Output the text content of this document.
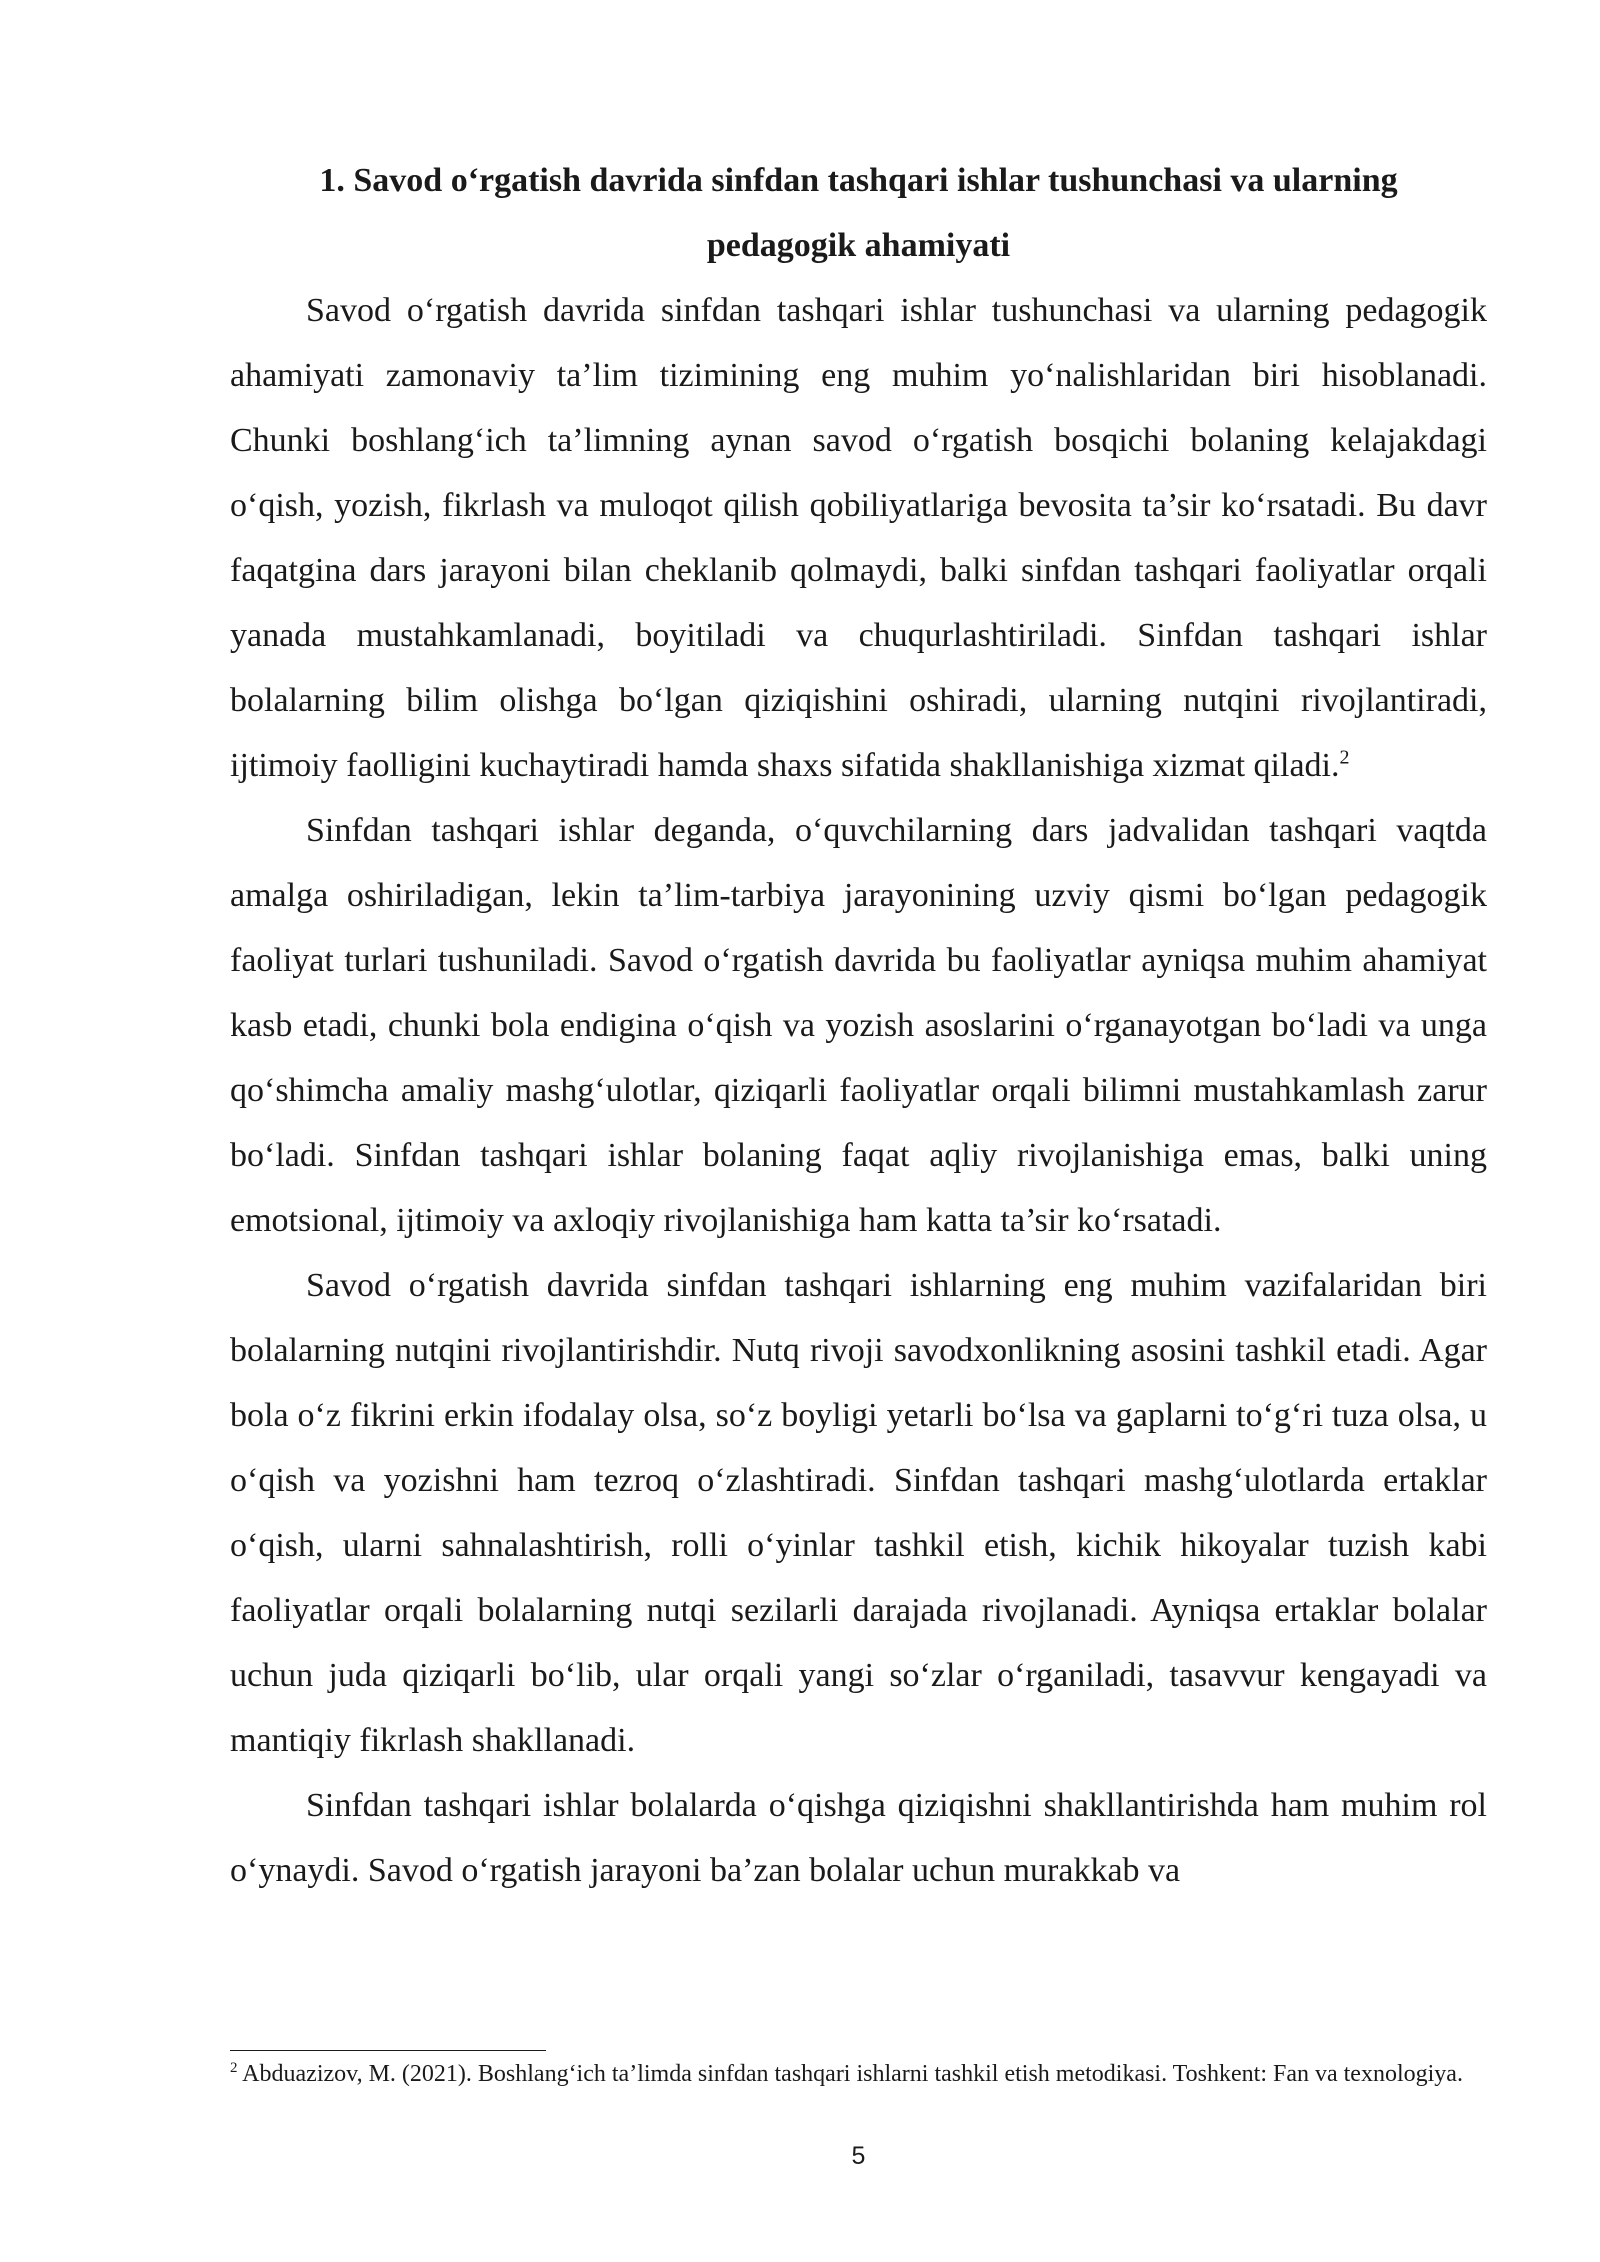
1. Savod o‘rgatish davrida sinfdan tashqari ishlar tushunchasi va ularning
pedagogik ahamiyati

Savod o‘rgatish davrida sinfdan tashqari ishlar tushunchasi va ularning pedagogik ahamiyati zamonaviy ta’lim tizimining eng muhim yo‘nalishlaridan biri hisoblanadi. Chunki boshlang‘ich ta’limning aynan savod o‘rgatish bosqichi bolaning kelajakdagi o‘qish, yozish, fikrlash va muloqot qilish qobiliyatlariga bevosita ta’sir ko‘rsatadi. Bu davr faqatgina dars jarayoni bilan cheklanib qolmaydi, balki sinfdan tashqari faoliyatlar orqali yanada mustahkamlanadi, boyitiladi va chuqurlashtiriladi. Sinfdan tashqari ishlar bolalarning bilim olishga bo‘lgan qiziqishini oshiradi, ularning nutqini rivojlantiradi, ijtimoiy faolligini kuchaytiradi hamda shaxs sifatida shakllanishiga xizmat qiladi.$^2$

Sinfdan tashqari ishlar deganda, o‘quvchilarning dars jadvalidan tashqari vaqtda amalga oshiriladigan, lekin ta’lim-tarbiya jarayonining uzviy qismi bo‘lgan pedagogik faoliyat turlari tushuniladi. Savod o‘rgatish davrida bu faoliyatlar ayniqsa muhim ahamiyat kasb etadi, chunki bola endigina o‘qish va yozish asoslarini o‘rganayotgan bo‘ladi va unga qo‘shimcha amaliy mashg‘ulotlar, qiziqarli faoliyatlar orqali bilimni mustahkamlash zarur bo‘ladi. Sinfdan tashqari ishlar bolaning faqat aqliy rivojlanishiga emas, balki uning emotsional, ijtimoiy va axloqiy rivojlanishiga ham katta ta’sir ko‘rsatadi.

Savod o‘rgatish davrida sinfdan tashqari ishlarning eng muhim vazifalaridan biri bolalarning nutqini rivojlantirishdir. Nutq rivoji savodxonlikning asosini tashkil etadi. Agar bola o‘z fikrini erkin ifodalay olsa, so‘z boyligi yetarli bo‘lsa va gaplarni to‘g‘ri tuza olsa, u o‘qish va yozishni ham tezroq o‘zlashtiradi. Sinfdan tashqari mashg‘ulotlarda ertaklar o‘qish, ularni sahnalashtirish, rolli o‘yinlar tashkil etish, kichik hikoyalar tuzish kabi faoliyatlar orqali bolalarning nutqi sezilarli darajada rivojlanadi. Ayniqsa ertaklar bolalar uchun juda qiziqarli bo‘lib, ular orqali yangi so‘zlar o‘rganiladi, tasavvur kengayadi va mantiqiy fikrlash shakllanadi.

Sinfdan tashqari ishlar bolalarda o‘qishga qiziqishni shakllantirishda ham muhim rol o‘ynaydi. Savod o‘rgatish jarayoni ba’zan bolalar uchun murakkab va

$^2$ Abduazizov, M. (2021). Boshlang‘ich ta’limda sinfdan tashqari ishlarni tashkil etish metodikasi. Toshkent: Fan va texnologiya.

5
